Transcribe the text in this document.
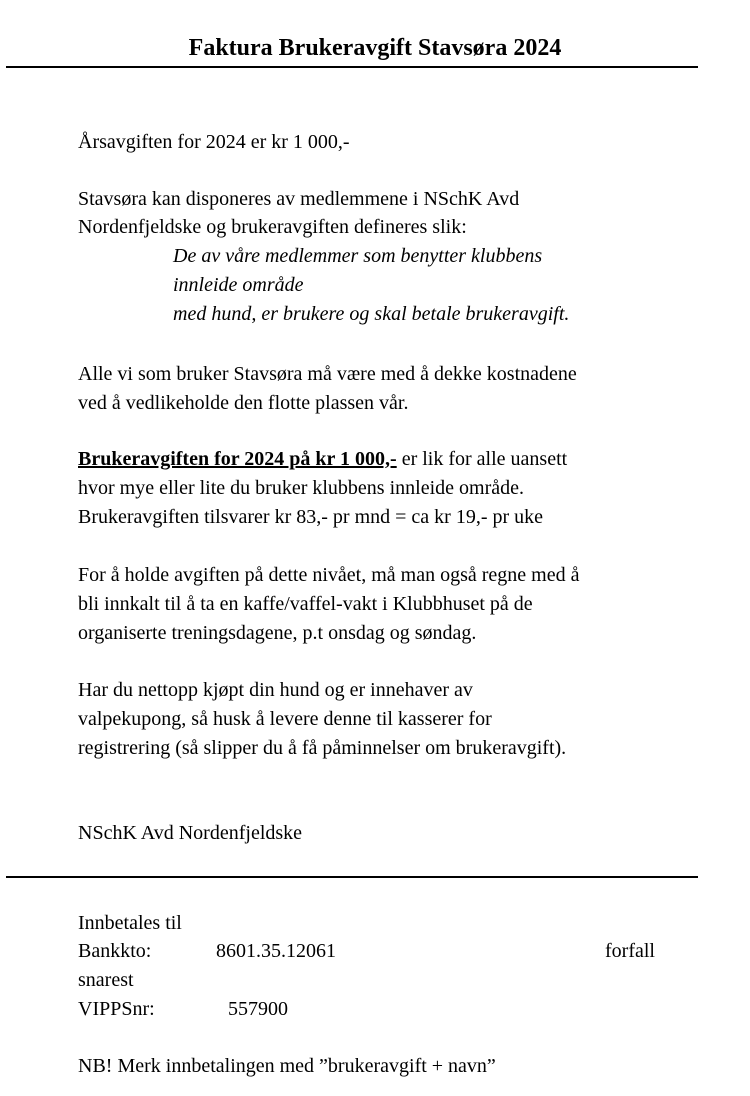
Faktura Brukeravgift Stavsøra 2024
Årsavgiften for 2024 er kr 1 000,-
Stavsøra kan disponeres av medlemmene i NSchK Avd
Nordenfjeldske og brukeravgiften defineres slik:
De av våre medlemmer som benytter klubbens
innleide område
med hund, er brukere og skal betale brukeravgift.
Alle vi som bruker Stavsøra må være med å dekke kostnadene
ved å vedlikeholde den flotte plassen vår.
Brukeravgiften for 2024 på kr 1 000,- er lik for alle uansett
hvor mye eller lite du bruker klubbens innleide område.
Brukeravgiften tilsvarer kr 83,- pr mnd = ca kr 19,- pr uke
For å holde avgiften på dette nivået, må man også regne med å
bli innkalt til å ta en kaffe/vaffel-vakt i Klubbhuset på de
organiserte treningsdagene, p.t onsdag og søndag.
Har du nettopp kjøpt din hund og er innehaver av
valpekupong, så husk å levere denne til kasserer for
registrering (så slipper du å få påminnelser om brukeravgift).
NSchK Avd Nordenfjeldske
Innbetales til
Bankkto:	8601.35.12061	forfall
snarest
VIPPSnr:	557900
NB! Merk innbetalingen med ”brukeravgift + navn”
